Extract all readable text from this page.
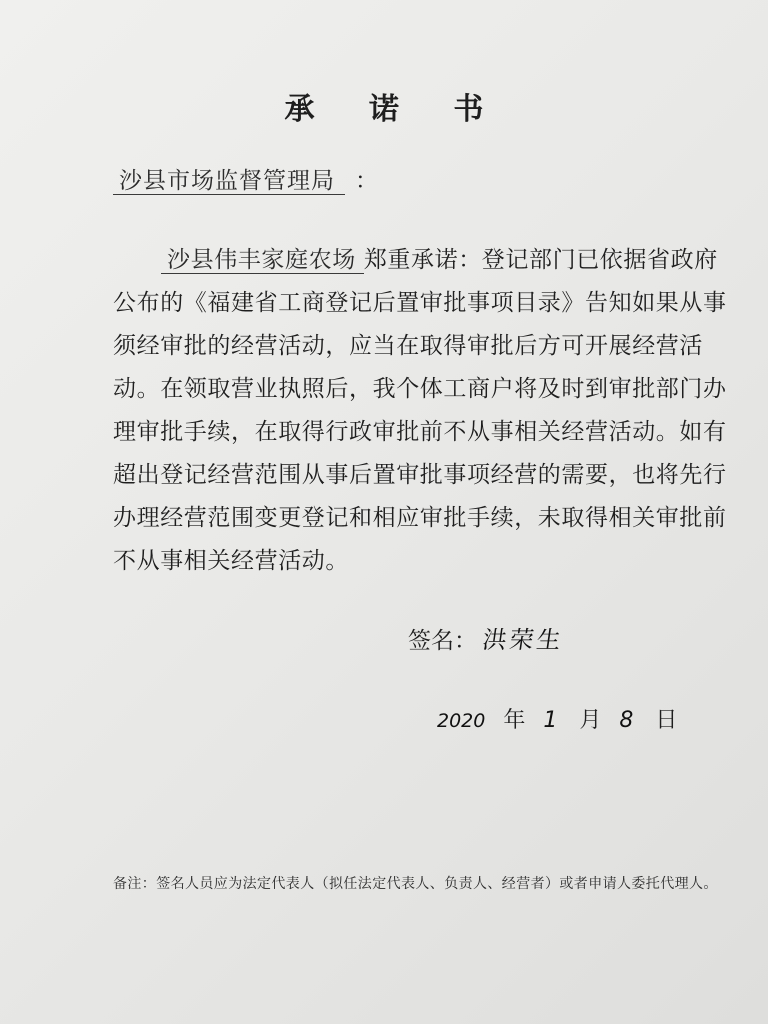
承 诺 书
沙县市场监督管理局 ：
沙县伟丰家庭农场 郑重承诺：登记部门已依据省政府
公布的《福建省工商登记后置审批事项目录》告知如果从事
须经审批的经营活动，应当在取得审批后方可开展经营活
动。在领取营业执照后，我个体工商户将及时到审批部门办
理审批手续，在取得行政审批前不从事相关经营活动。如有
超出登记经营范围从事后置审批事项经营的需要，也将先行
办理经营范围变更登记和相应审批手续，未取得相关审批前
不从事相关经营活动。
签名： 洪荣生
2020 年 1 月 8 日
备注：签名人员应为法定代表人（拟任法定代表人、负责人、经营者）或者申请人委托代理人。
